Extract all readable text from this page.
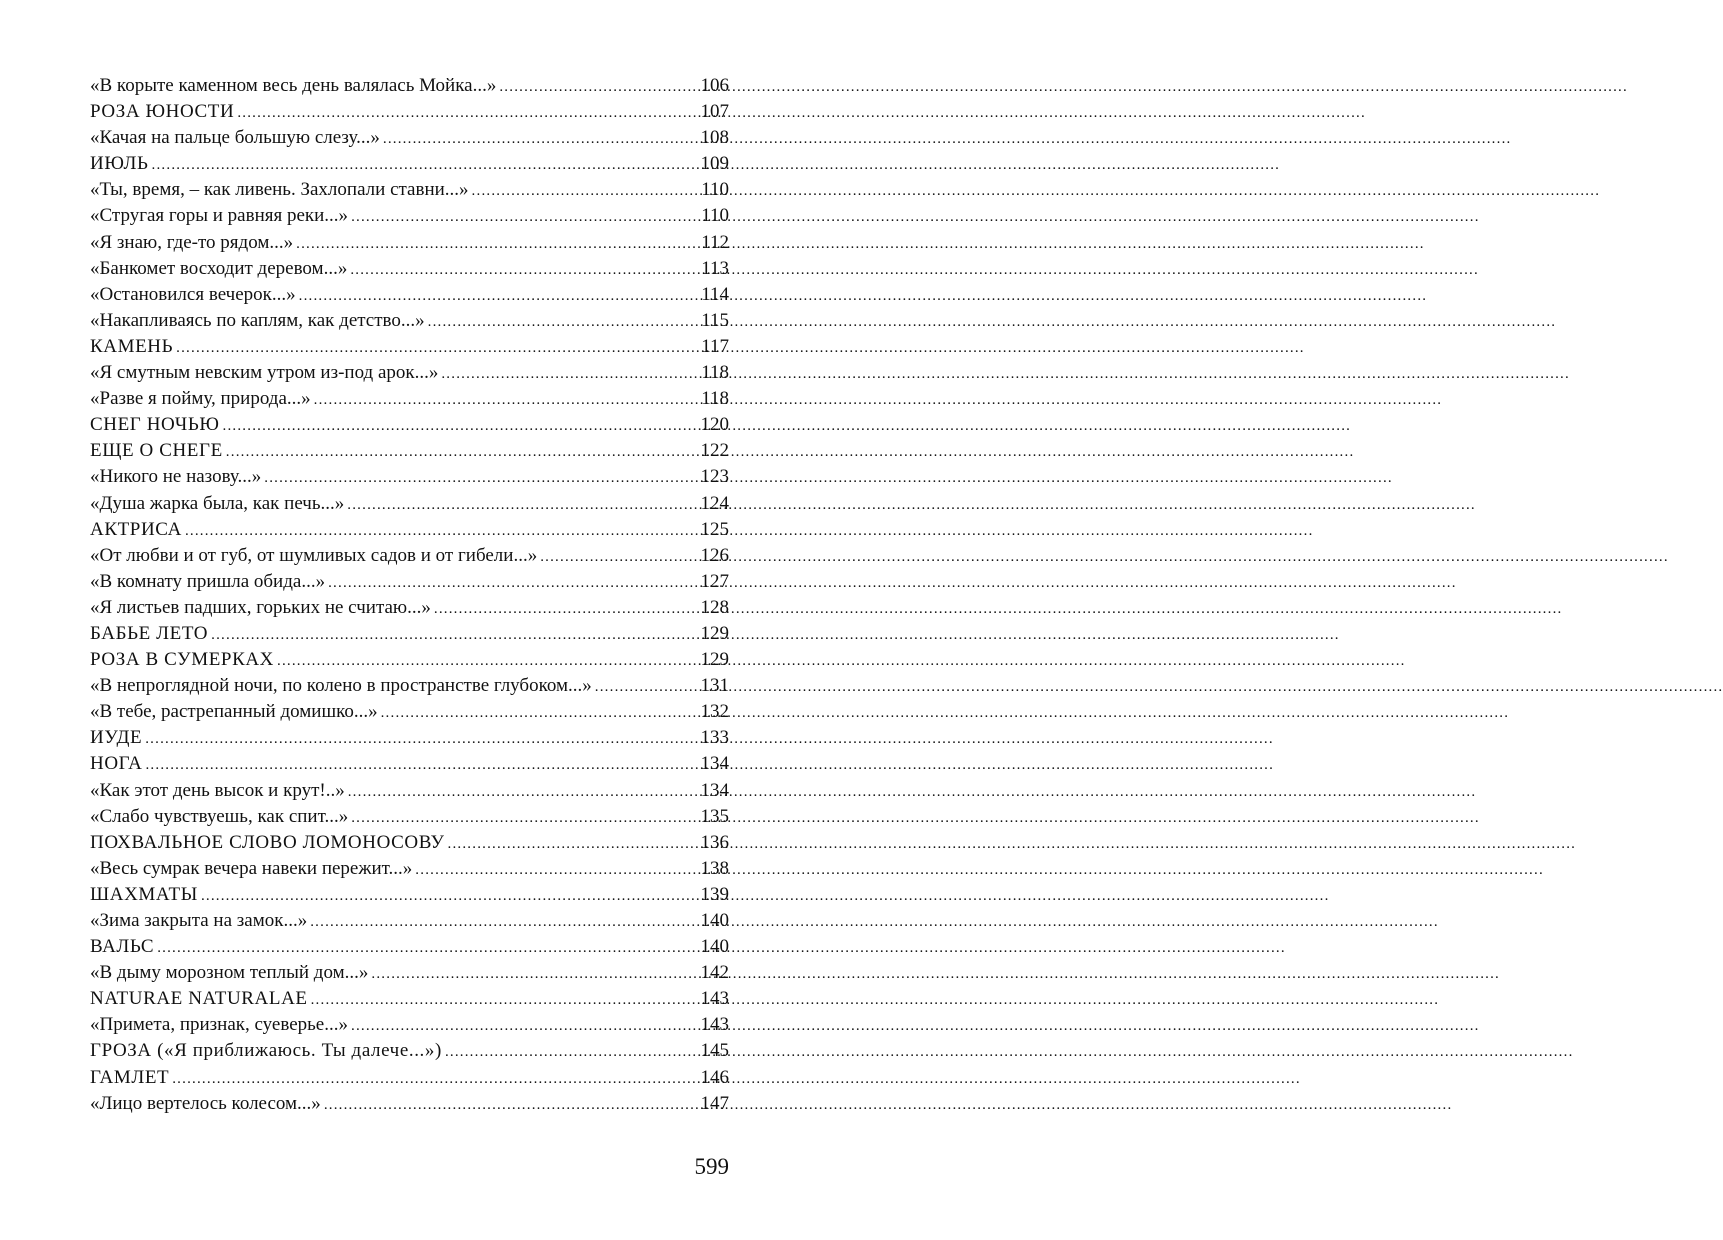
«В корыте каменном весь день валялась Мойка...» .....	106
РОЗА ЮНОСТИ .....	107
«Качая на пальце большую слезу...» .....	108
ИЮЛЬ .....	109
«Ты, время, – как ливень. Захлопали ставни...» .....	110
«Стругая горы и равняя реки...» .....	110
«Я знаю, где-то рядом...» .....	112
«Банкомет восходит деревом...» .....	113
«Остановился вечерок...» .....	114
«Накапливаясь по каплям, как детство...» .....	115
КАМЕНЬ .....	117
«Я смутным невским утром из-под арок...» .....	118
«Разве я пойму, природа...» .....	118
СНЕГ НОЧЬЮ .....	120
ЕЩЕ О СНЕГЕ .....	122
«Никого не назову...» .....	123
«Душа жарка была, как печь...» .....	124
АКТРИСА .....	125
«От любви и от губ, от шумливых садов и от гибели...» .....	126
«В комнату пришла обида...» .....	127
«Я листьев падших, горьких не считаю...» .....	128
БАБЬЕ ЛЕТО .....	129
РОЗА В СУМЕРКАХ .....	129
«В непроглядной ночи, по колено в пространстве глубоком...» .....	131
«В тебе, растрепанный домишко...» .....	132
ИУДЕ .....	133
НОГА .....	134
«Как этот день высок и крут!..» .....	134
«Слабо чувствуешь, как спит...» .....	135
ПОХВАЛЬНОЕ СЛОВО ЛОМОНОСОВУ .....	136
«Весь сумрак вечера навеки пережит...» .....	138
ШАХМАТЫ .....	139
«Зима закрыта на замок...» .....	140
ВАЛЬС .....	140
«В дыму морозном теплый дом...» .....	142
NATURAE NATURALAE .....	143
«Примета, признак, суеверье...» .....	143
ГРОЗА («Я приближаюсь. Ты далече...») .....	145
ГАМЛЕТ .....	146
«Лицо вертелось колесом...» .....	147
599
